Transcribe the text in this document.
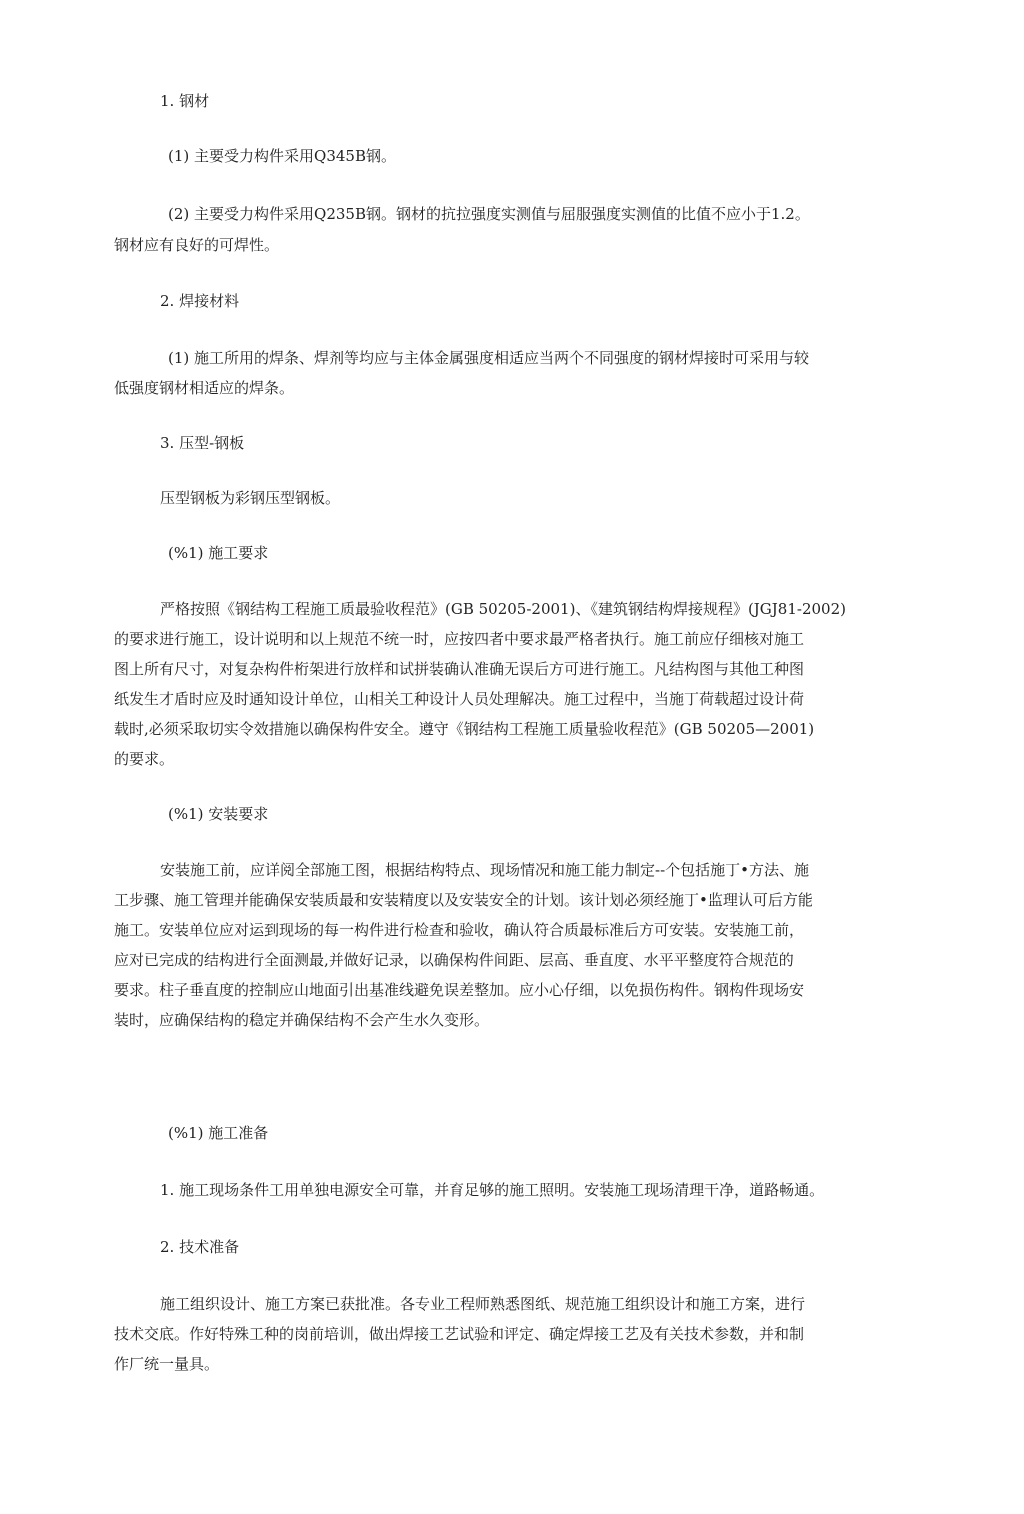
1. 钢材
(1) 主要受力构件采用Q345B钢。
(2) 主要受力构件采用Q235B钢。钢材的抗拉强度实测值与屈服强度实测值的比值不应小于1.2。
钢材应有良好的可焊性。
2. 焊接材料
(1) 施工所用的焊条、焊剂等均应与主体金属强度相适应当两个不同强度的钢材焊接时可采用与较
低强度钢材相适应的焊条。
3. 压型-钢板
压型钢板为彩钢压型钢板。
(%1) 施工要求
严格按照《钢结构工程施工质最验收程范》(GB 50205-2001)、《建筑钢结构焊接规程》(JGJ81-2002)
的要求进行施工，设计说明和以上规范不统一时，应按四者中要求最严格者执行。施工前应仔细核对施工
图上所有尺寸，对复杂构件桁架进行放样和试拼装确认准确无误后方可进行施工。凡结构图与其他工种图
纸发生才盾时应及时通知设计单位，山相关工种设计人员处理解决。施工过程中，当施丁荷载超过设计荷
载时,必须采取切实令效措施以确保构件安全。遵守《钢结构工程施工质量验收程范》(GB 50205—2001)
的要求。
(%1) 安装要求
安装施工前，应详阅全部施工图，根据结构特点、现场情况和施工能力制定--个包括施丁•方法、施
工步骤、施工管理并能确保安装质最和安装精度以及安装安全的计划。该计划必须经施丁•监理认可后方能
施工。安装单位应对运到现场的每一构件进行检查和验收，确认符合质最标准后方可安装。安装施工前，
应对已完成的结构进行全面测最,并做好记录，以确保构件间距、层高、垂直度、水平平整度符合规范的
要求。柱子垂直度的控制应山地面引出基准线避免误差整加。应小心仔细，以免损伤构件。钢构件现场安
装时，应确保结构的稳定并确保结构不会产生水久变形。
(%1) 施工准备
1. 施工现场条件工用单独电源安全可靠，并育足够的施工照明。安装施工现场清理干净，道路畅通。
2. 技术准备
施工组织设计、施工方案已获批准。各专业工程师熟悉图纸、规范施工组织设计和施工方案，进行
技术交底。作好特殊工种的岗前培训，做出焊接工艺试验和评定、确定焊接工艺及有关技术参数，并和制
作厂统一量具。
